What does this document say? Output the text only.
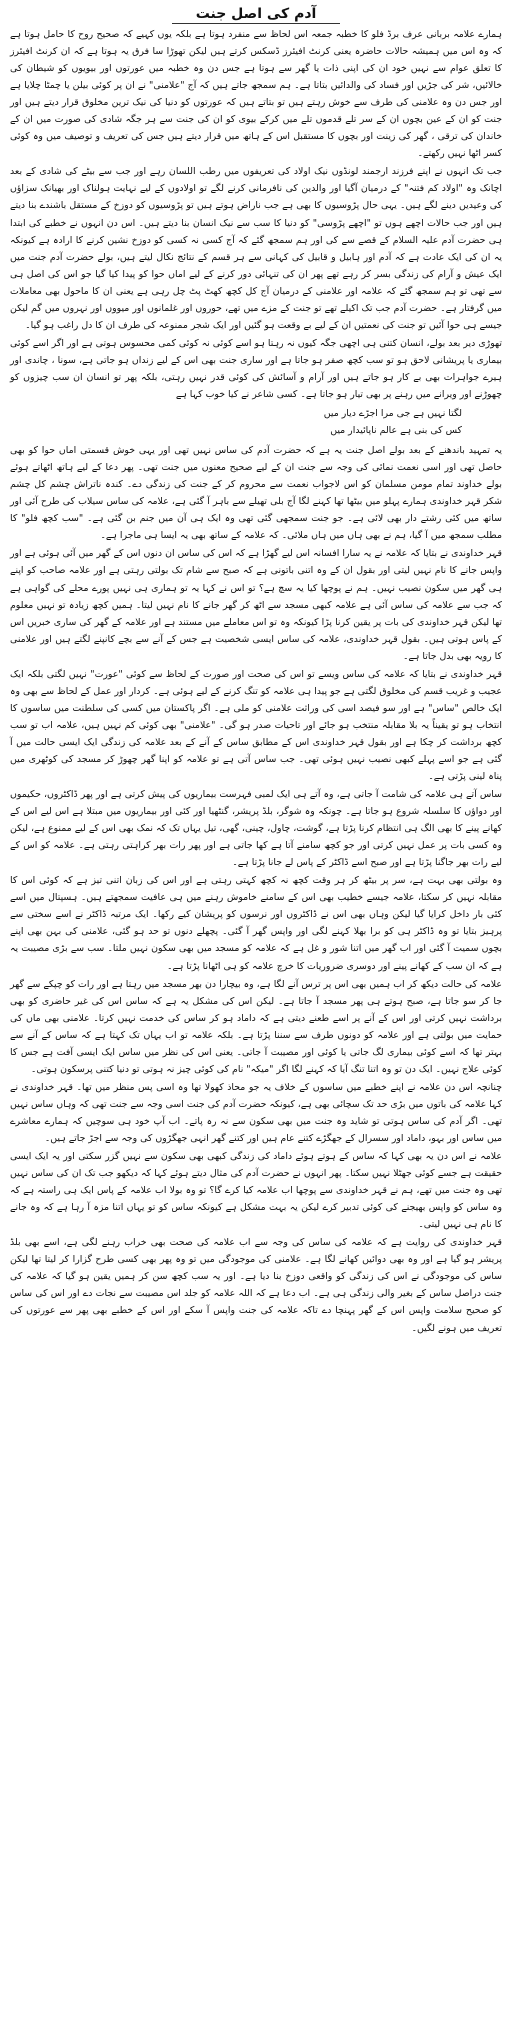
آدم کی اصل جنت

ہمارے علامہ بربانی عرف برڈ فلو کا خطبہ جمعہ اس لحاظ سے منفرد ہوتا ہے بلکہ یوں کہیے کہ صحیح روح کا حامل ہوتا ہے کہ وہ اس میں ہمیشہ حالات حاضرہ یعنی کرنٹ افیئرز ڈسکس کرتے ہیں لیکن تھوڑا سا فرق یہ ہوتا ہے کہ ان کرنٹ افیئرز کا تعلق عوام سے نہیں خود ان کی اپنی ذات یا گھر سے ہوتا ہے جس دن وہ خطبہ میں عورتوں اور بیویوں کو شیطان کی خالائیں، شر کی جڑیں اور فساد کی والدائیں بتاتا ہے۔ ہم سمجھ جاتے ہیں کہ آج "علامنی" نے ان پر کوئی بیلن یا چمٹا چلایا ہے اور جس دن وہ علامنی کی طرف سے خوش رہتے ہیں تو بتاتے ہیں کہ عورتوں کو دنیا کی نیک ترین مخلوق قرار دیتے ہیں اور جنت کو ان کے عین بچوں ان کے سر تلے قدموں تلے میں کرکے بیوی کو ان کی جنت سے ہر جگہ شادی کی صورت میں ان کے خاندان کی ترقی ، گھر کی زینت اور بچوں کا مستقبل اس کے ہاتھ میں قرار دیتے ہیں جس کی تعریف و توصیف میں وہ کوئی کسر اٹھا نہیں رکھتے۔

جب تک انہوں نے اپنے فرزند ارجمند لونڈوں نیک اولاد کی تعریفوں میں رطب اللسان رہے اور جب سے بیٹے کی شادی کے بعد اچانک وہ "اولاد کم فتنہ" کے درمیان آگیا اور والدین کی نافرمانی کرنے لگے تو اولادوں کے لیے نہایت ہولناک اور بھیانک سزاؤں کی وعیدیں دینے لگے ہیں۔ یہی حال پڑوسیوں کا بھی ہے جب ناراض ہوتے ہیں تو پڑوسیوں کو دوزخ کے مستقل باشندے بنا دیتے ہیں اور جب حالات اچھے ہوں تو "اچھے پڑوسی" کو دنیا کا سب سے نیک انسان بنا دیتے ہیں۔ اس دن انہوں نے خطبے کی ابتدا ہی حضرت آدم علیہ السلام کے قصے سے کی اور ہم سمجھ گئے کہ آج کسی نہ کسی کو دوزخ نشین کرنے کا ارادہ ہے کیونکہ یہ ان کی ایک عادت ہے کہ آدم اور ہابیل و قابیل کی کہانی سے ہر قسم کے نتائج نکال لیتے ہیں، بولے حضرت آدم جنت میں ایک عیش و آرام کی زندگی بسر کر رہے تھے پھر ان کی تنہائی دور کرنے کے لیے اماں حوا کو پیدا کیا گیا جو اس کی اصل ہی سے تھی تو ہم سمجھ گئے کہ علامہ اور علامنی کے درمیان آج کل کچھ کھٹ پٹ چل رہی ہے یعنی ان کا ماحول بھی معاملات میں گرفتار ہے۔ حضرت آدم جب تک اکیلے تھے تو جنت کے مزے میں تھے، حوروں اور غلمانوں اور میووں اور نہروں میں گم لیکن جیسے ہی حوا آئیں تو جنت کی نعمتیں ان کے لیے بے وقعت ہو گئیں اور ایک شجر ممنوعہ کی طرف ان کا دل راغب ہو گیا۔

تھوڑی دیر بعد بولے، انسان کتنی ہی اچھی جگہ کیوں نہ رہتا ہو اسے کوئی نہ کوئی کمی محسوس ہوتی ہے اور اگر اسے کوئی بیماری یا پریشانی لاحق ہو تو سب کچھ صفر ہو جاتا ہے اور ساری جنت بھی اس کے لیے زنداں ہو جاتی ہے، سونا ، چاندی اور ہیرے جواہرات بھی بے کار ہو جاتے ہیں اور آرام و آسائش کی کوئی قدر نہیں رہتی، بلکہ پھر تو انسان ان سب چیزوں کو چھوڑنے اور ویرانے میں رہنے پر بھی تیار ہو جاتا ہے۔ کسی شاعر نے کیا خوب کہا ہے

لگتا نہیں ہے جی مرا اجڑے دیار میں
کس کی بنی ہے عالم ناپائیدار میں

یہ تمہید باندھنے کے بعد بولے اصل جنت یہ ہے کہ حضرت آدم کی ساس نہیں تھی اور یہی خوش قسمتی اماں حوا کو بھی حاصل تھی اور اسی نعمت نمائی کی وجہ سے جنت ان کے لیے صحیح معنوں میں جنت تھی۔ پھر دعا کے لیے ہاتھ اٹھاتے ہوئے بولے خداوند تمام مومن مسلمان کو اس لاجواب نعمت سے محروم کر کے جنت کی زندگی دے۔ کندہ ناتراش چشم کل چشم شکر قہر خداوندی ہمارے پہلو میں بیٹھا تھا کہنے لگا آج بلی تھیلے سے باہر آ گئی ہے، علامہ کی ساس سیلاب کی طرح آئی اور ساتھ میں کئی رشتے دار بھی لائی ہے۔ جو جنت سمجھی گئی تھی وہ ایک ہی آن میں جنم بن گئی ہے۔ "سب کچھ فلو" کا مطلب سمجھ میں آ گیا، ہم نے بھی ہاں میں ہاں ملائی۔ کہ علامہ کے ساتھ بھی یہ ایسا ہی ماجرا ہے۔

قہر خداوندی نے بتایا کہ علامہ نے یہ سارا افسانہ اس لیے گھڑا ہے کہ اس کی ساس ان دنوں اس کے گھر میں آئی ہوئی ہے اور واپس جانے کا نام نہیں لیتی اور بقول ان کے وہ اتنی باتونی ہے کہ صبح سے شام تک بولتی رہتی ہے اور علامہ صاحب کو اپنے ہی گھر میں سکون نصیب نہیں۔ ہم نے پوچھا کیا یہ سچ ہے؟ تو اس نے کہا یہ تو ہماری ہی نہیں پورے محلے کی گواہی ہے کہ جب سے علامہ کی ساس آئی ہے علامہ کبھی مسجد سے اٹھ کر گھر جانے کا نام نہیں لیتا۔ ہمیں کچھ زیادہ تو نہیں معلوم تھا لیکن قہر خداوندی کی بات پر یقین کرنا پڑا کیونکہ وہ تو اس معاملے میں مستند ہے اور علامہ کے گھر کی ساری خبریں اس کے پاس ہوتی ہیں۔ بقول قہر خداوندی، علامہ کی ساس ایسی شخصیت ہے جس کے آنے سے بچے کانپنے لگتے ہیں اور علامنی کا رویہ بھی بدل جاتا ہے۔

قہر خداوندی نے بتایا کہ علامہ کی ساس ویسے تو اس کی صحت اور صورت کے لحاظ سے کوئی "عورت" نہیں لگتی بلکہ ایک عجیب و غریب قسم کی مخلوق لگتی ہے جو پیدا ہی علامہ کو تنگ کرنے کے لیے ہوئی ہے۔ کردار اور عمل کے لحاظ سے بھی وہ ایک خالص "ساس" ہے اور سو فیصد اسی کی وراثت علامنی کو ملی ہے۔ اگر پاکستان میں کسی کی سلطنت میں ساسوں کا انتخاب ہو تو یقیناً یہ بلا مقابلہ منتخب ہو جائے اور تاحیات صدر ہو گی۔ "علامنی" بھی کوئی کم نہیں ہیں، علامہ اب تو سب کچھ برداشت کر چکا ہے اور بقول قہر خداوندی اس کے مطابق ساس کے آنے کے بعد علامہ کی زندگی ایک ایسی حالت میں آ گئی ہے جو اسے پہلے کبھی نصیب نہیں ہوئی تھی۔ جب ساس آتی ہے تو علامہ کو اپنا گھر چھوڑ کر مسجد کی کوٹھری میں پناہ لینی پڑتی ہے۔

ساس آتے ہی علامہ کی شامت آ جاتی ہے، وہ آتے ہی ایک لمبی فہرست بیماریوں کی پیش کرتی ہے اور پھر ڈاکٹروں، حکیموں اور دواؤں کا سلسلہ شروع ہو جاتا ہے۔ چونکہ وہ شوگر، بلڈ پریشر، گنٹھیا اور کئی اور بیماریوں میں مبتلا ہے اس لیے اس کے کھانے پینے کا بھی الگ ہی انتظام کرنا پڑتا ہے، گوشت، چاول، چینی، گھی، تیل یہاں تک کہ نمک بھی اس کے لیے ممنوع ہے، لیکن وہ کسی بات پر عمل نہیں کرتی اور جو کچھ سامنے آتا ہے کھا جاتی ہے اور پھر رات بھر کراہتی رہتی ہے۔ علامہ کو اس کے لیے رات بھر جاگنا پڑتا ہے اور صبح اسے ڈاکٹر کے پاس لے جانا پڑتا ہے۔

وہ بولتی بھی بہت ہے، سر پر بیٹھ کر ہر وقت کچھ نہ کچھ کہتی رہتی ہے اور اس کی زبان اتنی تیز ہے کہ کوئی اس کا مقابلہ نہیں کر سکتا، علامہ جیسے خطیب بھی اس کے سامنے خاموش رہنے میں ہی عافیت سمجھتے ہیں۔ ہسپتال میں اسے کئی بار داخل کرایا گیا لیکن وہاں بھی اس نے ڈاکٹروں اور نرسوں کو پریشان کیے رکھا۔ ایک مرتبہ ڈاکٹر نے اسے سختی سے پرہیز بتایا تو وہ ڈاکٹر ہی کو برا بھلا کہنے لگی اور واپس گھر آ گئی۔ پچھلے دنوں تو حد ہو گئی، علامنی کی بہن بھی اپنے بچوں سمیت آ گئی اور اب گھر میں اتنا شور و غل ہے کہ علامہ کو مسجد میں بھی سکون نہیں ملتا۔ سب سے بڑی مصیبت یہ ہے کہ ان سب کے کھانے پینے اور دوسری ضروریات کا خرچ علامہ کو ہی اٹھانا پڑتا ہے۔

علامہ کی حالت دیکھ کر اب ہمیں بھی اس پر ترس آنے لگا ہے، وہ بیچارا دن بھر مسجد میں رہتا ہے اور رات کو چپکے سے گھر جا کر سو جاتا ہے، صبح ہوتے ہی پھر مسجد آ جاتا ہے۔ لیکن اس کی مشکل یہ ہے کہ ساس اس کی غیر حاضری کو بھی برداشت نہیں کرتی اور اس کے آنے پر اسے طعنے دیتی ہے کہ داماد ہو کر ساس کی خدمت نہیں کرتا۔ علامنی بھی ماں کی حمایت میں بولتی ہے اور علامہ کو دونوں طرف سے سننا پڑتا ہے۔ بلکہ علامہ تو اب یہاں تک کہتا ہے کہ ساس کے آنے سے بہتر تھا کہ اسے کوئی بیماری لگ جاتی یا کوئی اور مصیبت آ جاتی۔ یعنی اس کی نظر میں ساس ایک ایسی آفت ہے جس کا کوئی علاج نہیں۔ ایک دن تو وہ اتنا تنگ آیا کہ کہنے لگا اگر "میکہ" نام کی کوئی چیز نہ ہوتی تو دنیا کتنی پرسکون ہوتی۔

چنانچہ اس دن علامہ نے اپنے خطبے میں ساسوں کے خلاف یہ جو محاذ کھولا تھا وہ اسی پس منظر میں تھا۔ قہر خداوندی نے کہا علامہ کی باتوں میں بڑی حد تک سچائی بھی ہے، کیونکہ حضرت آدم کی جنت اسی وجہ سے جنت تھی کہ وہاں ساس نہیں تھی۔ اگر آدم کی ساس ہوتی تو شاید وہ جنت میں بھی سکون سے نہ رہ پاتے۔ اب آپ خود ہی سوچیں کہ ہمارے معاشرے میں ساس اور بہو، داماد اور سسرال کے جھگڑے کتنے عام ہیں اور کتنے گھر انہی جھگڑوں کی وجہ سے اجڑ جاتے ہیں۔

علامہ نے اس دن یہ بھی کہا کہ ساس کے ہوتے ہوئے داماد کی زندگی کبھی بھی سکون سے نہیں گزر سکتی اور یہ ایک ایسی حقیقت ہے جسے کوئی جھٹلا نہیں سکتا۔ پھر انہوں نے حضرت آدم کی مثال دیتے ہوئے کہا کہ دیکھو جب تک ان کی ساس نہیں تھی وہ جنت میں تھے، ہم نے قہر خداوندی سے پوچھا اب علامہ کیا کرے گا؟ تو وہ بولا اب علامہ کے پاس ایک ہی راستہ ہے کہ وہ ساس کو واپس بھیجنے کی کوئی تدبیر کرے لیکن یہ بہت مشکل ہے کیونکہ ساس کو تو یہاں اتنا مزہ آ رہا ہے کہ وہ جانے کا نام ہی نہیں لیتی۔

قہر خداوندی کی روایت ہے کہ علامہ کی ساس کی وجہ سے اب علامہ کی صحت بھی خراب رہنے لگی ہے، اسے بھی بلڈ پریشر ہو گیا ہے اور وہ بھی دوائیں کھانے لگا ہے۔ علامنی کی موجودگی میں تو وہ پھر بھی کسی طرح گزارا کر لیتا تھا لیکن ساس کی موجودگی نے اس کی زندگی کو واقعی دوزخ بنا دیا ہے۔ اور یہ سب کچھ سن کر ہمیں یقین ہو گیا کہ علامہ کی جنت دراصل ساس کے بغیر والی زندگی ہی ہے۔ اب دعا ہے کہ اللہ علامہ کو جلد اس مصیبت سے نجات دے اور اس کی ساس کو صحیح سلامت واپس اس کے گھر پہنچا دے تاکہ علامہ کی جنت واپس آ سکے اور اس کے خطبے بھی پھر سے عورتوں کی تعریف میں ہونے لگیں۔
